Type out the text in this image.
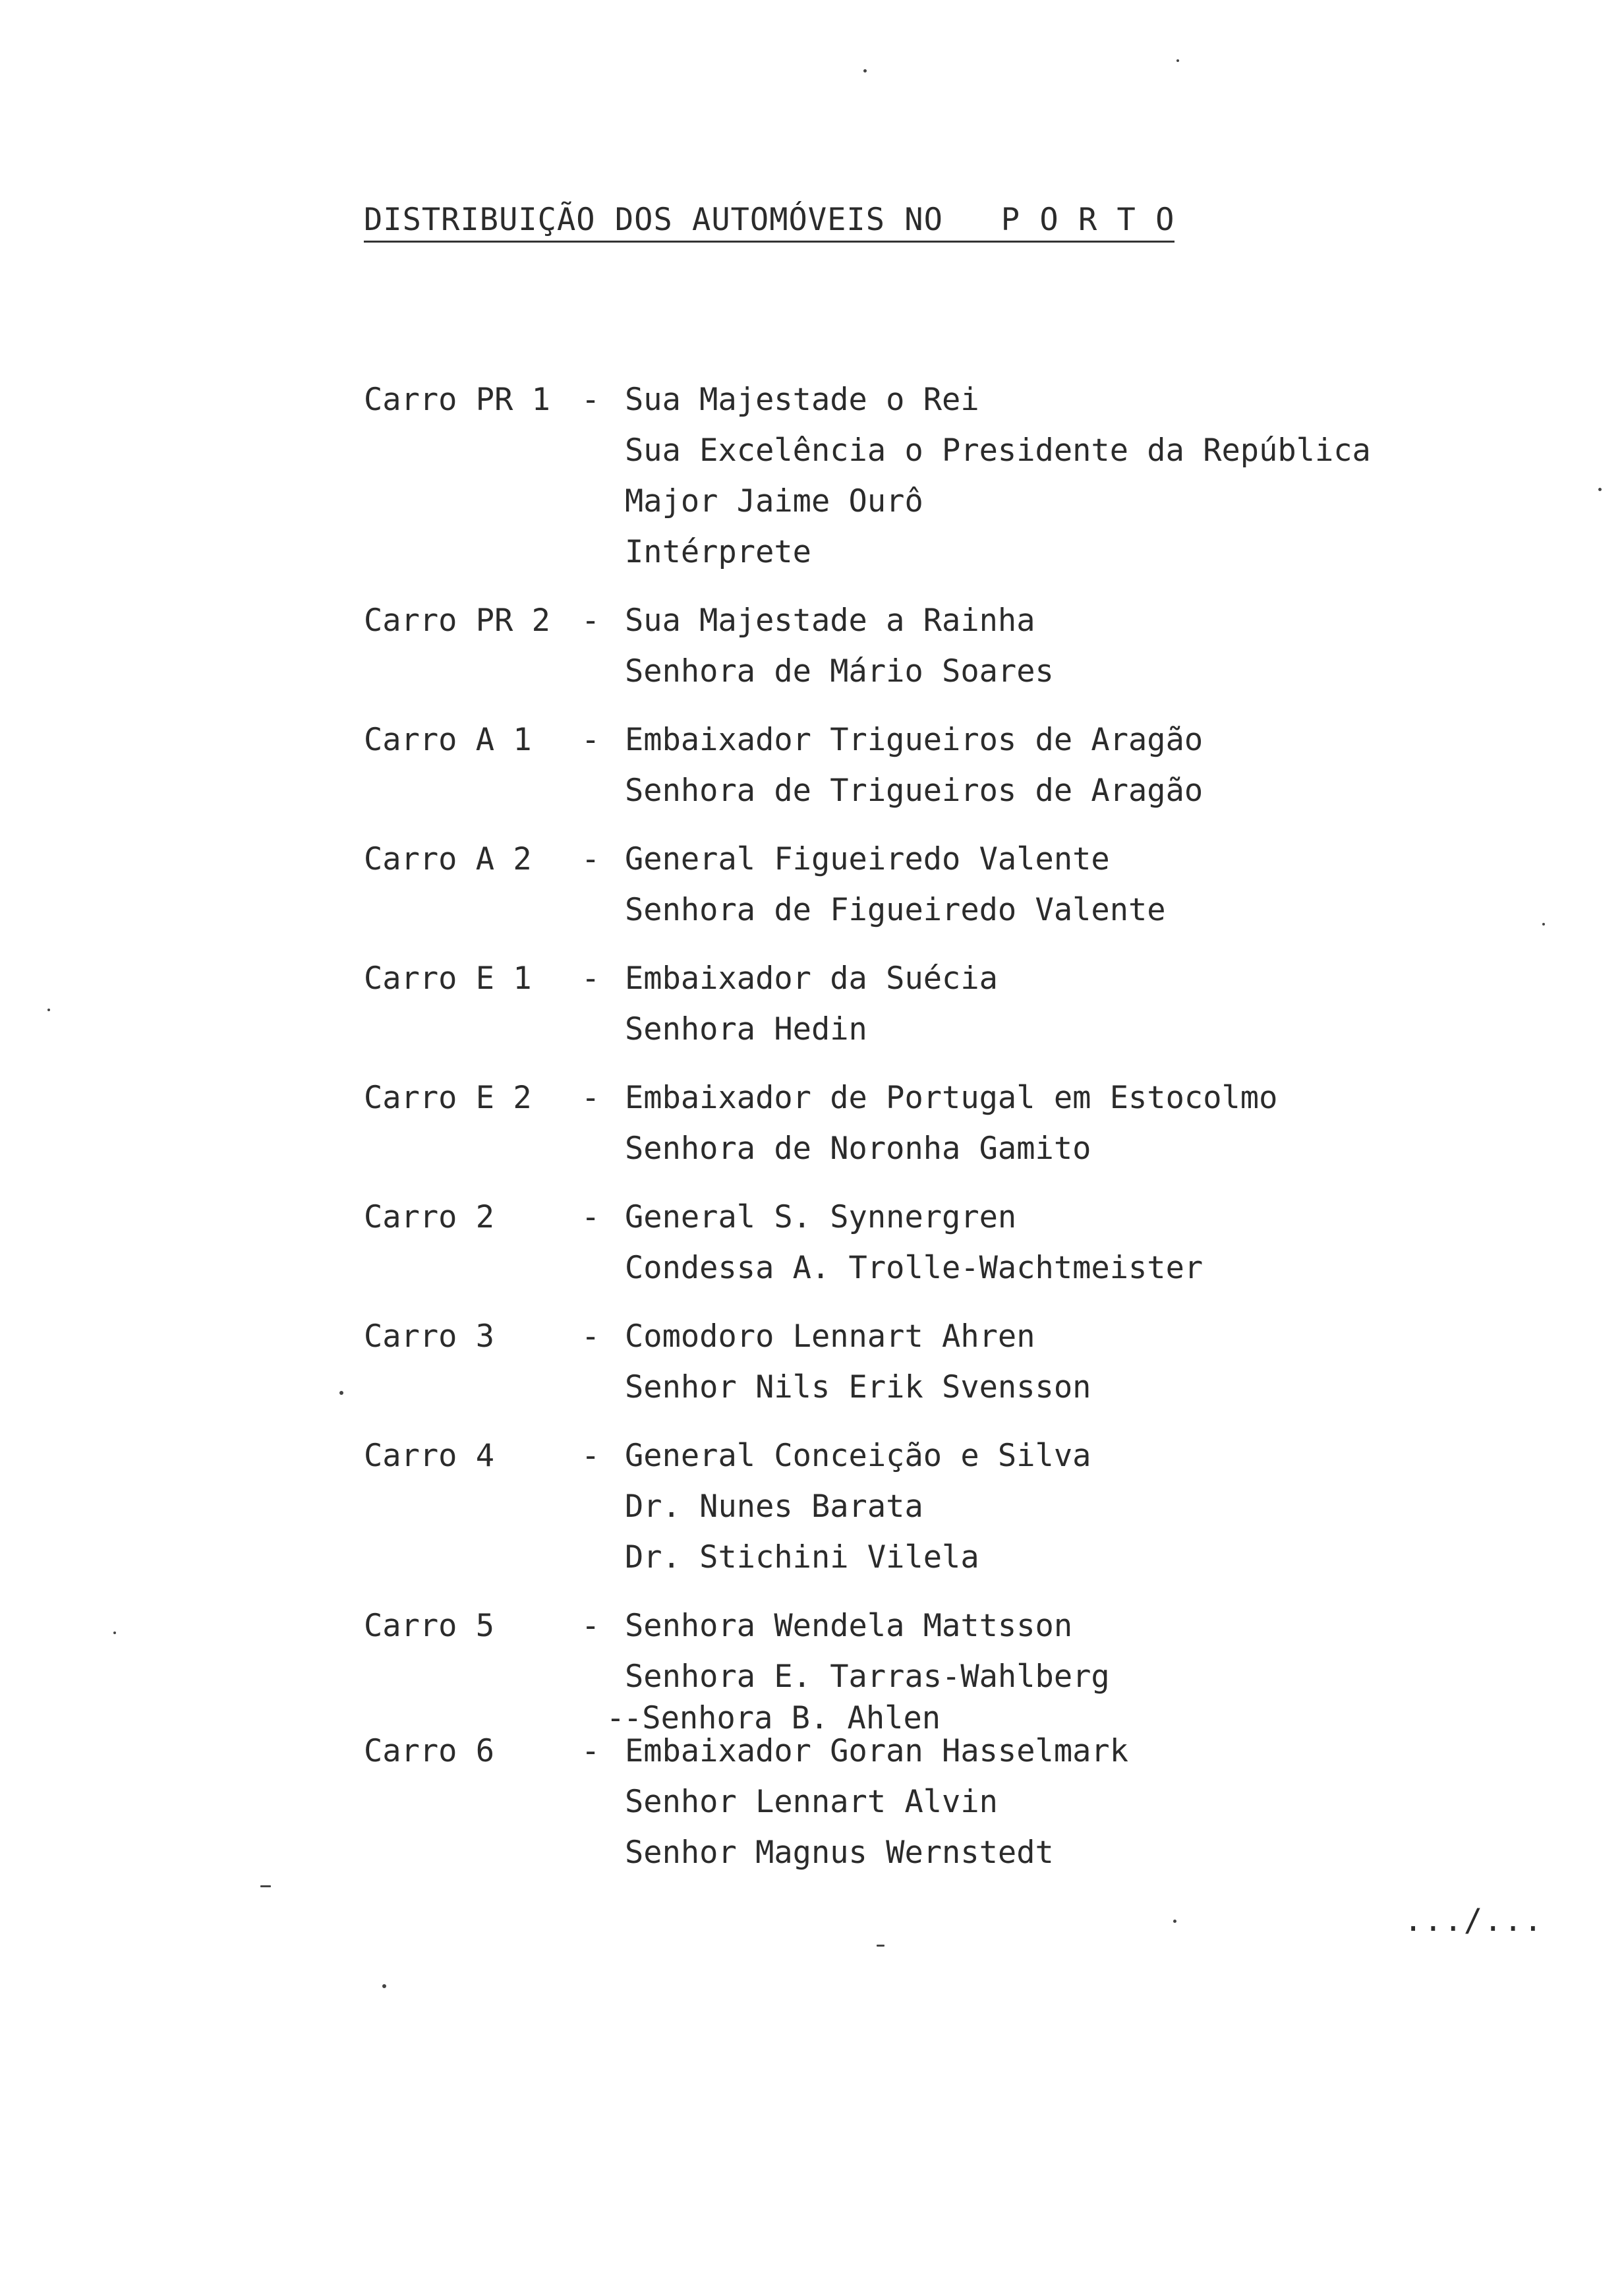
DISTRIBUIÇÃO DOS AUTOMÓVEIS NO   P O R T O
Carro PR 1	- Sua Majestade o Rei
Sua Excelência o Presidente da República
Major Jaime Ourô
Intérprete
Carro PR 2	- Sua Majestade a Rainha
Senhora de Mário Soares
Carro A 1	- Embaixador Trigueiros de Aragão
Senhora de Trigueiros de Aragão
Carro A 2	- General Figueiredo Valente
Senhora de Figueiredo Valente
Carro E 1	- Embaixador da Suécia
Senhora Hedin
Carro E 2	- Embaixador de Portugal em Estocolmo
Senhora de Noronha Gamito
Carro 2	- General S. Synnergren
Condessa A. Trolle-Wachtmeister
Carro 3	- Comodoro Lennart Ahren
Senhor Nils Erik Svensson
Carro 4	- General Conceição e Silva
Dr. Nunes Barata
Dr. Stichini Vilela
Carro 5	- Senhora Wendela Mattsson
Senhora E. Tarras-Wahlberg
-
-Senhora B. Ahlen
Carro 6	- Embaixador Goran Hasselmark
Senhor Lennart Alvin
Senhor Magnus Wernstedt
.../...
